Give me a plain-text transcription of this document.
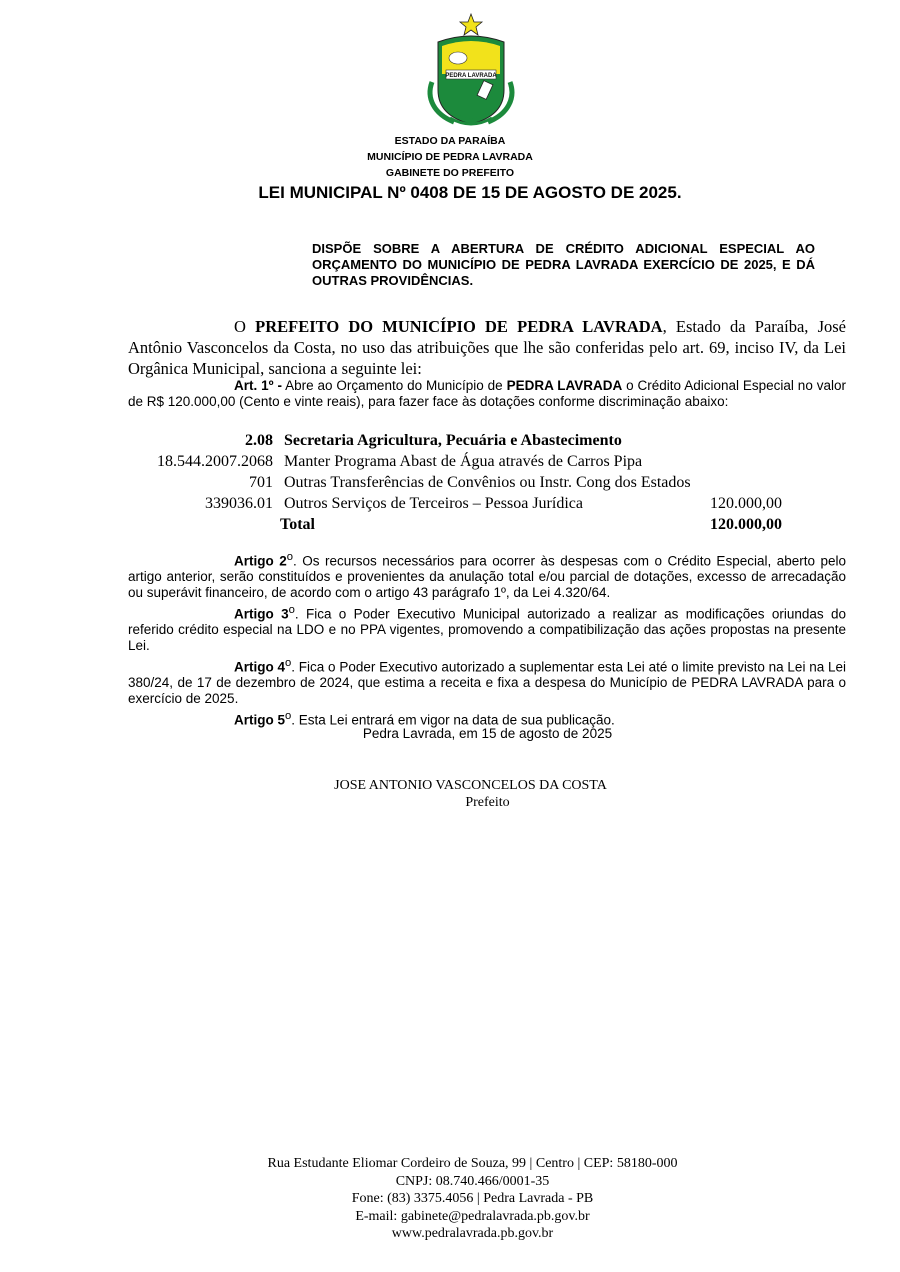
PEDRA LAVRADA
ESTADO DA PARAÍBA
MUNICÍPIO DE PEDRA LAVRADA
GABINETE DO PREFEITO
LEI MUNICIPAL Nº 0408 DE 15 DE AGOSTO DE 2025.
DISPÕE SOBRE A ABERTURA DE CRÉDITO ADICIONAL ESPECIAL AO ORÇAMENTO DO MUNICÍPIO DE PEDRA LAVRADA EXERCÍCIO DE 2025, E DÁ OUTRAS PROVIDÊNCIAS.
O PREFEITO DO MUNICÍPIO DE PEDRA LAVRADA, Estado da Paraíba, José Antônio Vasconcelos da Costa, no uso das atribuições que lhe são conferidas pelo art. 69, inciso IV, da Lei Orgânica Municipal, sanciona a seguinte lei:
Art. 1º - Abre ao Orçamento do Município de PEDRA LAVRADA o Crédito Adicional Especial no valor de R$ 120.000,00 (Cento e vinte reais), para fazer face às dotações conforme discriminação abaixo:
2.08 Secretaria Agricultura, Pecuária e Abastecimento
18.544.2007.2068 Manter Programa Abast de Água através de Carros Pipa
701 Outras Transferências de Convênios ou Instr. Cong dos Estados
339036.01 Outros Serviços de Terceiros – Pessoa Jurídica	120.000,00
Total	120.000,00
Artigo 2$^o$. Os recursos necessários para ocorrer às despesas com o Crédito Especial, aberto pelo artigo anterior, serão constituídos e provenientes da anulação total e/ou parcial de dotações, excesso de arrecadação ou superávit financeiro, de acordo com o artigo 43 parágrafo 1º, da Lei 4.320/64.
Artigo 3$^o$. Fica o Poder Executivo Municipal autorizado a realizar as modificações oriundas do referido crédito especial na LDO e no PPA vigentes, promovendo a compatibilização das ações propostas na presente Lei.
Artigo 4$^o$. Fica o Poder Executivo autorizado a suplementar esta Lei até o limite previsto na Lei na Lei 380/24, de 17 de dezembro de 2024, que estima a receita e fixa a despesa do Município de PEDRA LAVRADA para o exercício de 2025.
Artigo 5$^o$. Esta Lei entrará em vigor na data de sua publicação.
Pedra Lavrada, em 15 de agosto de 2025
JOSE ANTONIO VASCONCELOS DA COSTA
Prefeito
Rua Estudante Eliomar Cordeiro de Souza, 99 | Centro | CEP: 58180-000
CNPJ: 08.740.466/0001-35
Fone: (83) 3375.4056 | Pedra Lavrada - PB
E-mail: gabinete@pedralavrada.pb.gov.br
www.pedralavrada.pb.gov.br
